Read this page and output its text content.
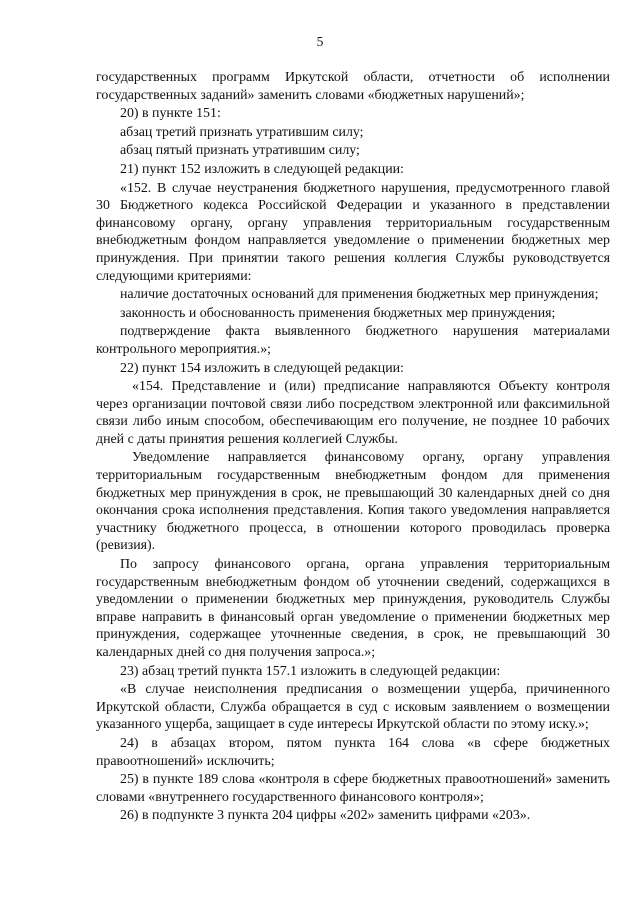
5

государственных программ Иркутской области, отчетности об исполнении государственных заданий» заменить словами «бюджетных нарушений»;

20) в пункте 151:

абзац третий признать утратившим силу;

абзац пятый признать утратившим силу;

21) пункт 152 изложить в следующей редакции:

«152. В случае неустранения бюджетного нарушения, предусмотренного главой 30 Бюджетного кодекса Российской Федерации и указанного в представлении финансовому органу, органу управления территориальным государственным внебюджетным фондом направляется уведомление о применении бюджетных мер принуждения. При принятии такого решения коллегия Службы руководствуется следующими критериями:

наличие достаточных оснований для применения бюджетных мер принуждения;

законность и обоснованность применения бюджетных мер принуждения;

подтверждение факта выявленного бюджетного нарушения материалами контрольного мероприятия.»;

22) пункт 154 изложить в следующей редакции:

«154. Представление и (или) предписание направляются Объекту контроля через организации почтовой связи либо посредством электронной или факсимильной связи либо иным способом, обеспечивающим его получение, не позднее 10 рабочих дней с даты принятия решения коллегией Службы.

Уведомление направляется финансовому органу, органу управления территориальным государственным внебюджетным фондом для применения бюджетных мер принуждения в срок, не превышающий 30 календарных дней со дня окончания срока исполнения представления. Копия такого уведомления направляется участнику бюджетного процесса, в отношении которого проводилась проверка (ревизия).

По запросу финансового органа, органа управления территориальным государственным внебюджетным фондом об уточнении сведений, содержащихся в уведомлении о применении бюджетных мер принуждения, руководитель Службы вправе направить в финансовый орган уведомление о применении бюджетных мер принуждения, содержащее уточненные сведения, в срок, не превышающий 30 календарных дней со дня получения запроса.»;

23) абзац третий пункта 157.1 изложить в следующей редакции:

«В случае неисполнения предписания о возмещении ущерба, причиненного Иркутской области, Служба обращается в суд с исковым заявлением о возмещении указанного ущерба, защищает в суде интересы Иркутской области по этому иску.»;

24) в абзацах втором, пятом пункта 164 слова «в сфере бюджетных правоотношений» исключить;

25) в пункте 189 слова «контроля в сфере бюджетных правоотношений» заменить словами «внутреннего государственного финансового контроля»;

26) в подпункте 3 пункта 204 цифры «202» заменить цифрами «203».
